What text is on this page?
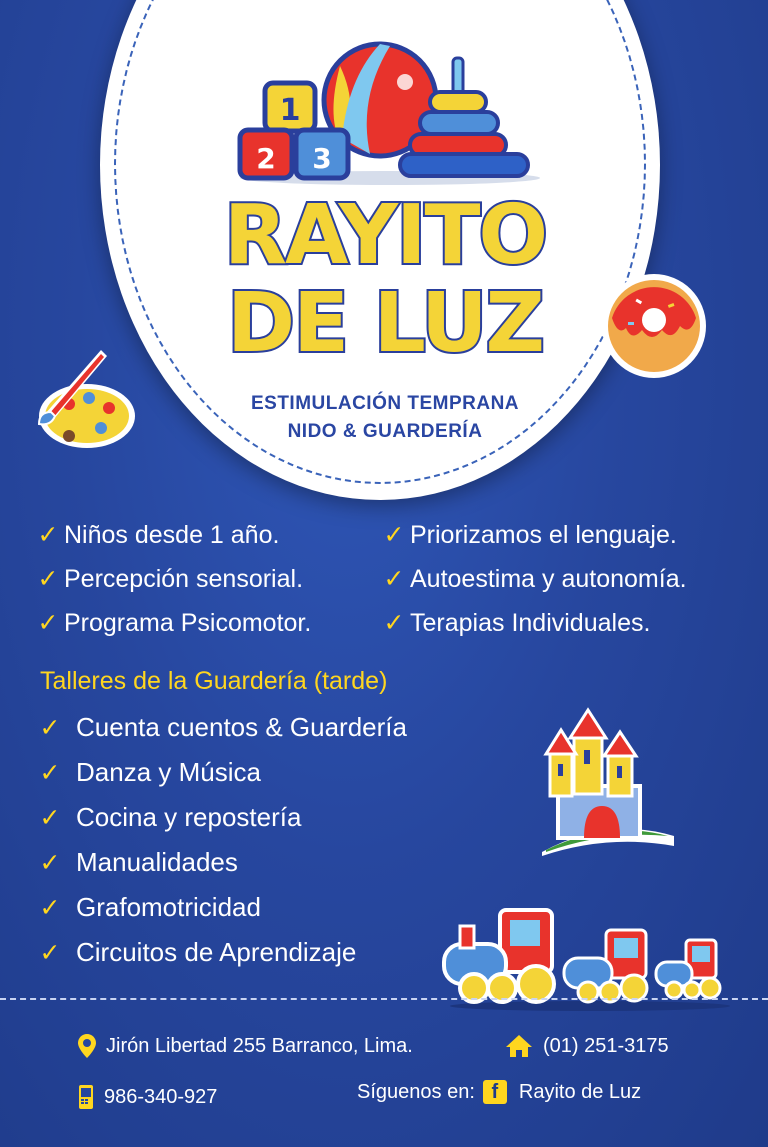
1
2 3
RAYITO
DE LUZ
ESTIMULACIÓN TEMPRANA
NIDO & GUARDERÍA
✓ Niños desde 1 año.
✓ Percepción sensorial.
✓ Programa Psicomotor.
✓ Priorizamos el lenguaje.
✓ Autoestima y autonomía.
✓ Terapias Individuales.
Talleres de la Guardería (tarde)
✓ Cuenta cuentos & Guardería
✓ Danza y Música
✓ Cocina y repostería
✓ Manualidades
✓ Grafomotricidad
✓ Circuitos de Aprendizaje
Jirón Libertad 255 Barranco, Lima.	(01) 251-3175
986-340-927	Síguenos en: f	Rayito de Luz
